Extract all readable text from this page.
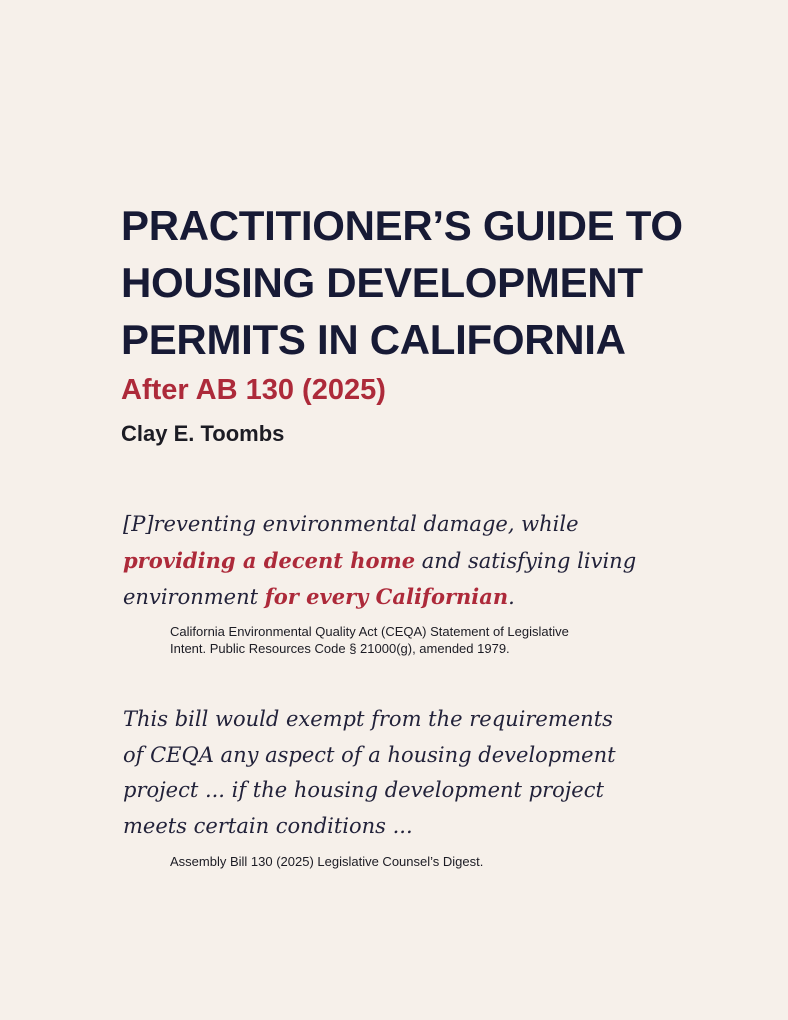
PRACTITIONER’S GUIDE TO
HOUSING DEVELOPMENT
PERMITS IN CALIFORNIA
After AB 130 (2025)

Clay E. Toombs

[P]reventing environmental damage, while
providing a decent home and satisfying living
environment for every Californian.

California Environmental Quality Act (CEQA) Statement of Legislative
Intent. Public Resources Code § 21000(g), amended 1979.

This bill would exempt from the requirements
of CEQA any aspect of a housing development
project ... if the housing development project
meets certain conditions ...

Assembly Bill 130 (2025) Legislative Counsel’s Digest.
